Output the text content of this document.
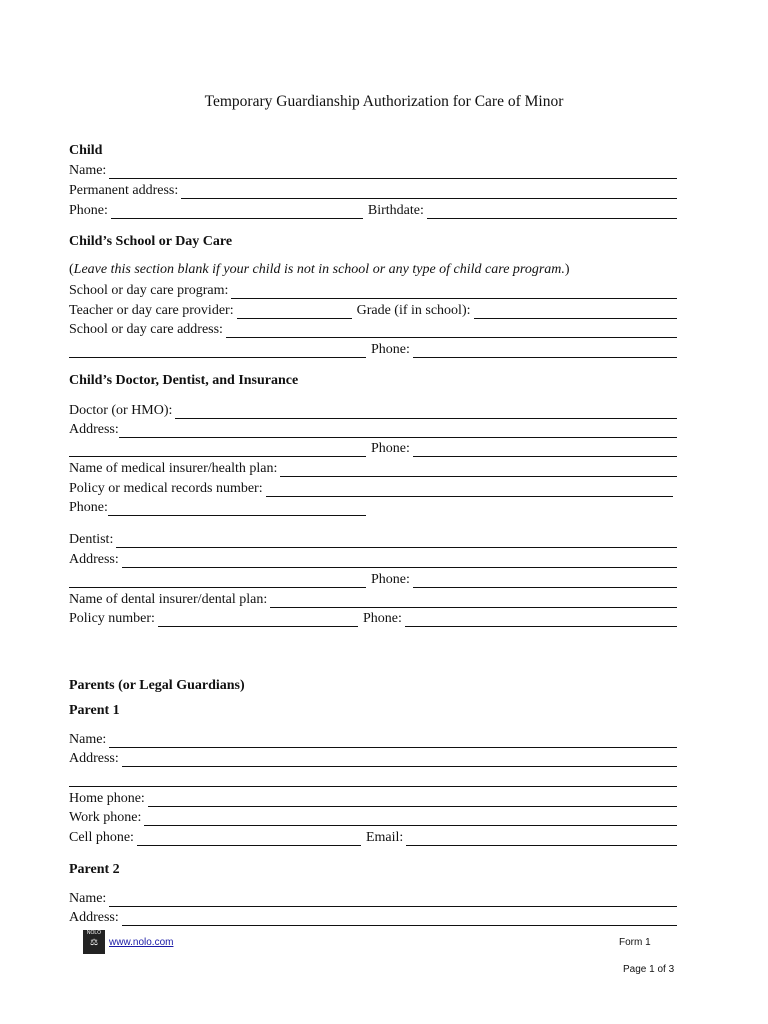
Temporary Guardianship Authorization for Care of Minor
Child
Name:
Permanent address:
Phone:	Birthdate:
Child’s School or Day Care
(Leave this section blank if your child is not in school or any type of child care program.)
School or day care program:
Teacher or day care provider:	Grade (if in school):
School or day care address:
Phone:
Child’s Doctor, Dentist, and Insurance
Doctor (or HMO):
Address:
Phone:
Name of medical insurer/health plan:
Policy or medical records number:
Phone:
Dentist:
Address:
Phone:
Name of dental insurer/dental plan:
Policy number:	Phone:
Parents (or Legal Guardians)
Parent 1
Name:
Address:
Home phone:
Work phone:
Cell phone:	Email:
Parent 2
Name:
Address:
NOLO
⚖	www.nolo.com	Form 1
Page 1 of 3
